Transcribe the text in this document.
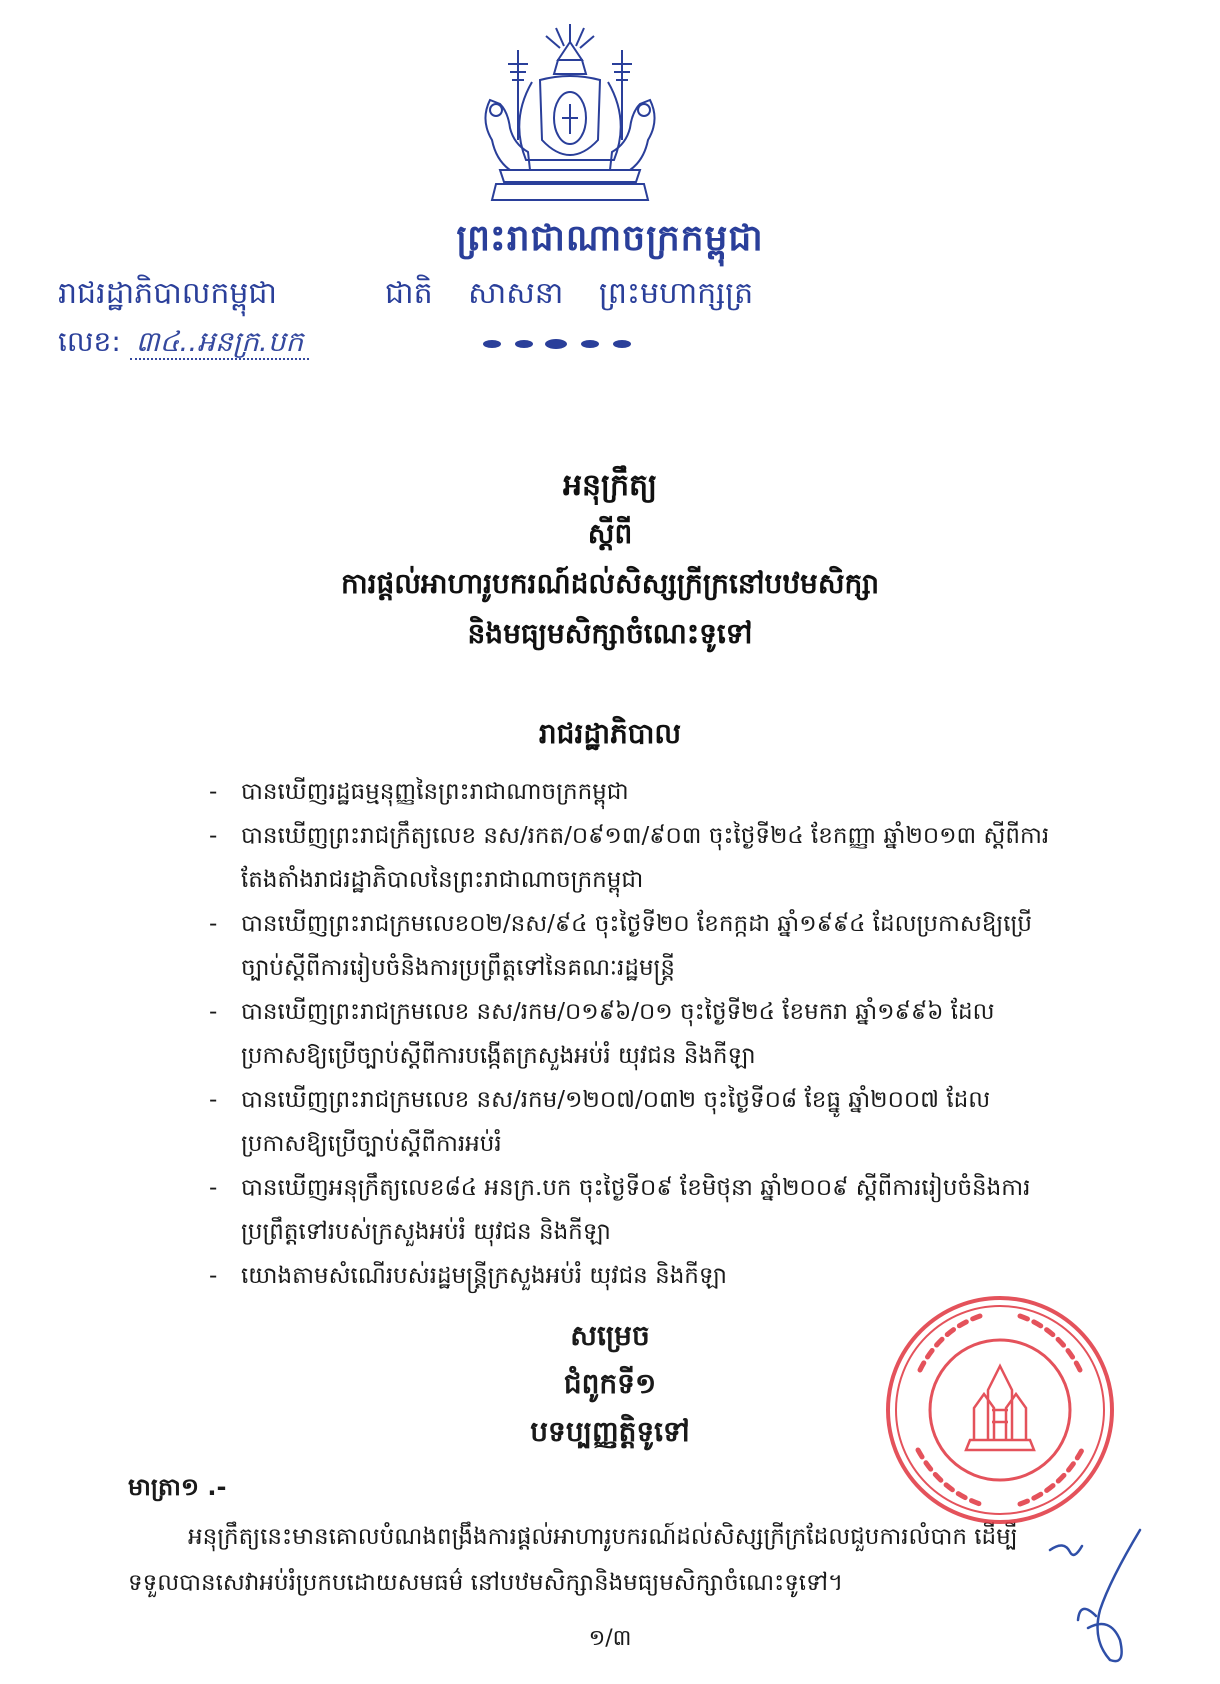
ព្រះរាជាណាចក្រកម្ពុជា
រាជរដ្ឋាភិបាលកម្ពុជា	ជាតិ សាសនា ព្រះមហាក្សត្រ
លេខ: ៣៤..អនក្រ.បក
អនុក្រឹត្យ
ស្តីពី
ការផ្តល់អាហារូបករណ៍ដល់សិស្សក្រីក្រនៅបឋមសិក្សា
និងមធ្យមសិក្សាចំណេះទូទៅ
រាជរដ្ឋាភិបាល
- បានឃើញរដ្ឋធម្មនុញ្ញនៃព្រះរាជាណាចក្រកម្ពុជា
- បានឃើញព្រះរាជក្រឹត្យលេខ នស/រកត/០៩១៣/៩០៣ ចុះថ្ងៃទី២៤ ខែកញ្ញា ឆ្នាំ២០១៣ ស្តីពីការតែងតាំងរាជរដ្ឋាភិបាលនៃព្រះរាជាណាចក្រកម្ពុជា
- បានឃើញព្រះរាជក្រមលេខ០២/នស/៩៤ ចុះថ្ងៃទី២០ ខែកក្កដា ឆ្នាំ១៩៩៤ ដែលប្រកាសឱ្យប្រើច្បាប់ស្តីពីការរៀបចំនិងការប្រព្រឹត្តទៅនៃគណៈរដ្ឋមន្ត្រី
- បានឃើញព្រះរាជក្រមលេខ នស/រកម/០១៩៦/០១ ចុះថ្ងៃទី២៤ ខែមករា ឆ្នាំ១៩៩៦ ដែលប្រកាសឱ្យប្រើច្បាប់ស្តីពីការបង្កើតក្រសួងអប់រំ យុវជន និងកីឡា
- បានឃើញព្រះរាជក្រមលេខ នស/រកម/១២០៧/០៣២ ចុះថ្ងៃទី០៨ ខែធ្នូ ឆ្នាំ២០០៧ ដែលប្រកាសឱ្យប្រើច្បាប់ស្តីពីការអប់រំ
- បានឃើញអនុក្រឹត្យលេខ៨៤ អនក្រ.បក ចុះថ្ងៃទី០៩ ខែមិថុនា ឆ្នាំ២០០៩ ស្តីពីការរៀបចំនិងការប្រព្រឹត្តទៅរបស់ក្រសួងអប់រំ យុវជន និងកីឡា
- យោងតាមសំណើរបស់រដ្ឋមន្ត្រីក្រសួងអប់រំ យុវជន និងកីឡា
សម្រេច
ជំពូកទី១
បទប្បញ្ញត្តិទូទៅ
មាត្រា១ .-
អនុក្រឹត្យនេះមានគោលបំណងពង្រឹងការផ្តល់អាហារូបករណ៍ដល់សិស្សក្រីក្រដែលជួបការលំបាក ដើម្បីទទួលបានសេវាអប់រំប្រកបដោយសមធម៌ នៅបឋមសិក្សានិងមធ្យមសិក្សាចំណេះទូទៅ។
១/៣
